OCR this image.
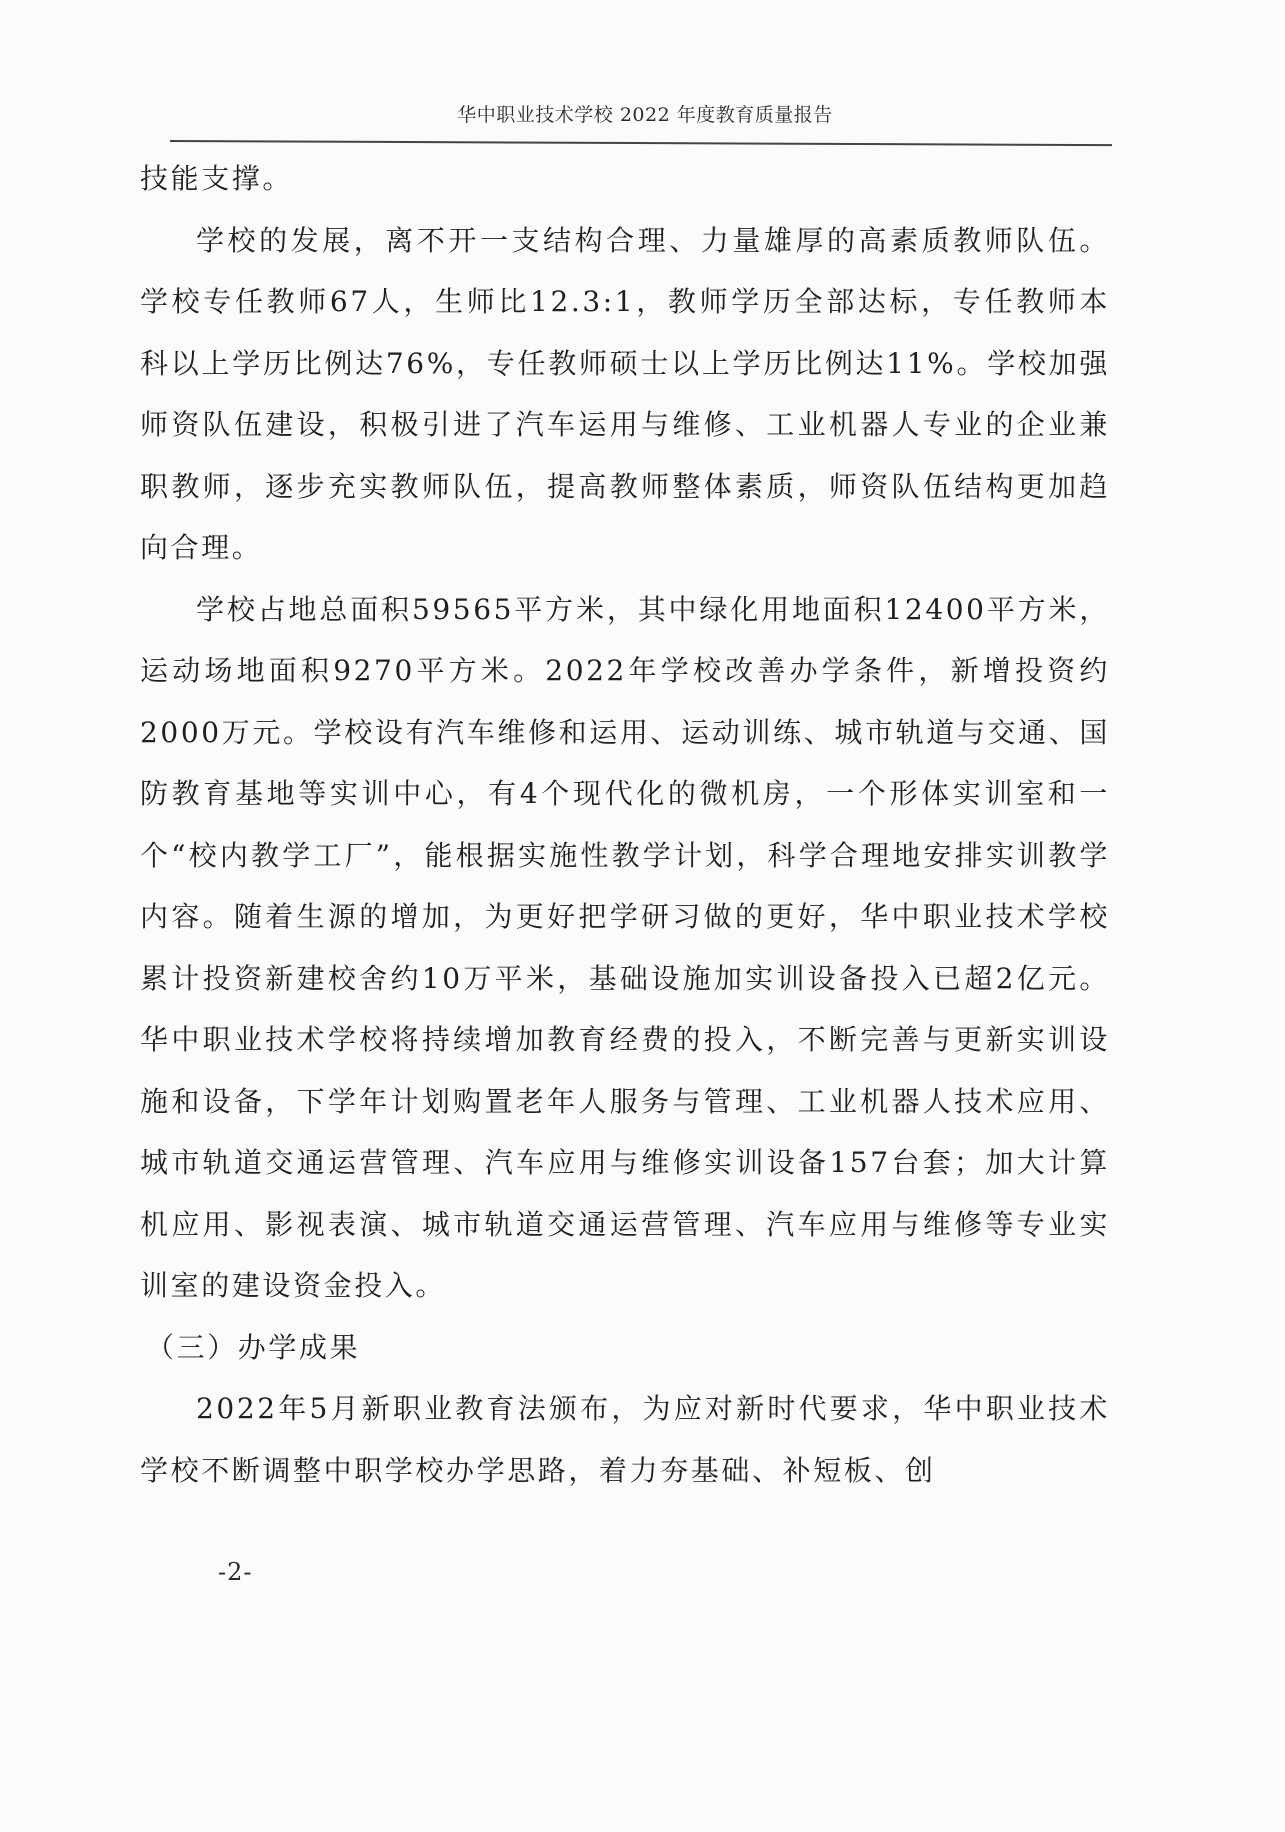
华中职业技术学校 2022 年度教育质量报告

技能支撑。

学校的发展，离不开一支结构合理、力量雄厚的高素质教师队伍。学校专任教师67人，生师比12.3:1，教师学历全部达标，专任教师本科以上学历比例达76%，专任教师硕士以上学历比例达11%。学校加强师资队伍建设，积极引进了汽车运用与维修、工业机器人专业的企业兼职教师，逐步充实教师队伍，提高教师整体素质，师资队伍结构更加趋向合理。

学校占地总面积59565平方米，其中绿化用地面积12400平方米，运动场地面积9270平方米。2022年学校改善办学条件，新增投资约2000万元。学校设有汽车维修和运用、运动训练、城市轨道与交通、国防教育基地等实训中心，有4个现代化的微机房，一个形体实训室和一个“校内教学工厂”，能根据实施性教学计划，科学合理地安排实训教学内容。随着生源的增加，为更好把学研习做的更好，华中职业技术学校累计投资新建校舍约10万平米，基础设施加实训设备投入已超2亿元。华中职业技术学校将持续增加教育经费的投入，不断完善与更新实训设施和设备，下学年计划购置老年人服务与管理、工业机器人技术应用、城市轨道交通运营管理、汽车应用与维修实训设备157台套；加大计算机应用、影视表演、城市轨道交通运营管理、汽车应用与维修等专业实训室的建设资金投入。

（三）办学成果

2022年5月新职业教育法颁布，为应对新时代要求，华中职业技术学校不断调整中职学校办学思路，着力夯基础、补短板、创

-2-
